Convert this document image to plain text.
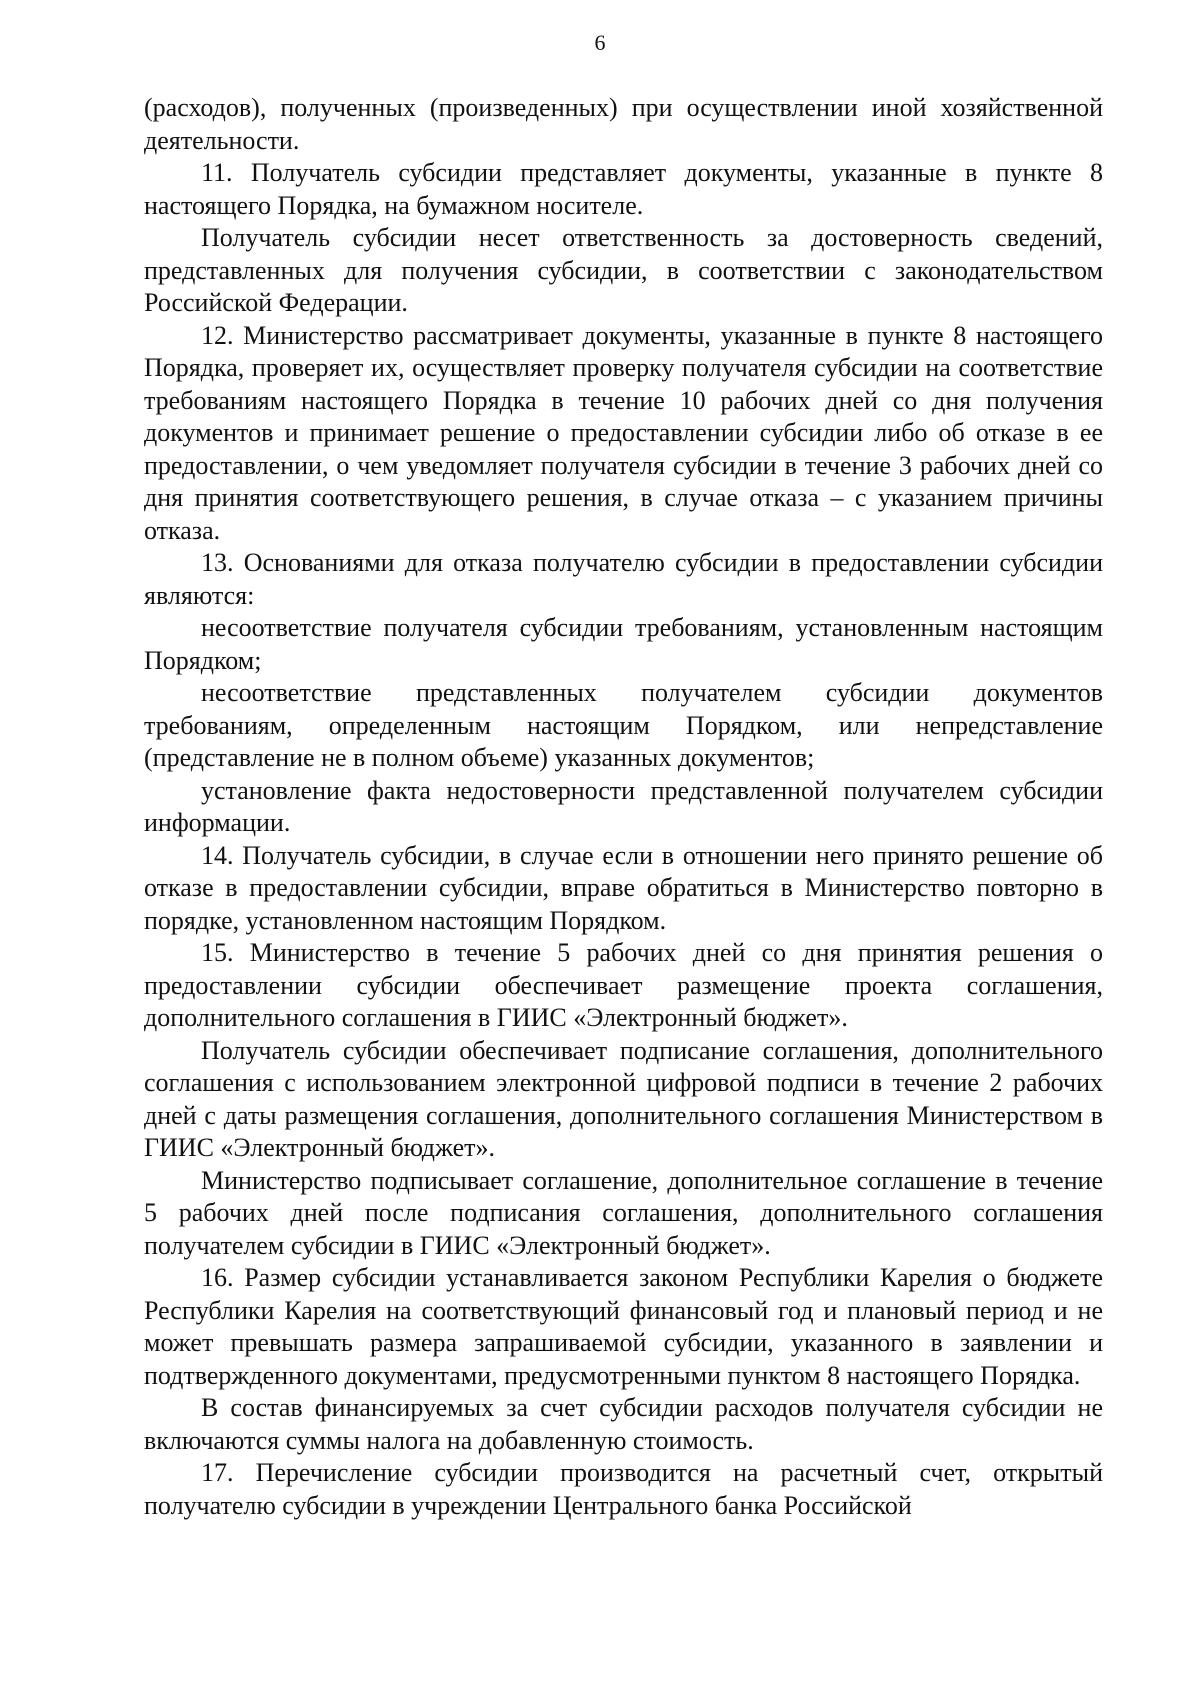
6

(расходов), полученных (произведенных) при осуществлении иной хозяйственной деятельности.

11. Получатель субсидии представляет документы, указанные в пункте 8 настоящего Порядка, на бумажном носителе.

Получатель субсидии несет ответственность за достоверность сведений, представленных для получения субсидии, в соответствии с законодательством Российской Федерации.

12. Министерство рассматривает документы, указанные в пункте 8 настоящего Порядка, проверяет их, осуществляет проверку получателя субсидии на соответствие требованиям настоящего Порядка в течение 10 рабочих дней со дня получения документов и принимает решение о предоставлении субсидии либо об отказе в ее предоставлении, о чем уведомляет получателя субсидии в течение 3 рабочих дней со дня принятия соответствующего решения, в случае отказа – с указанием причины отказа.

13. Основаниями для отказа получателю субсидии в предоставлении субсидии являются:

несоответствие получателя субсидии требованиям, установленным настоящим Порядком;

несоответствие представленных получателем субсидии документов требованиям, определенным настоящим Порядком, или непредставление (представление не в полном объеме) указанных документов;

установление факта недостоверности представленной получателем субсидии информации.

14. Получатель субсидии, в случае если в отношении него принято решение об отказе в предоставлении субсидии, вправе обратиться в Министерство повторно в порядке, установленном настоящим Порядком.

15. Министерство в течение 5 рабочих дней со дня принятия решения о предоставлении субсидии обеспечивает размещение проекта соглашения, дополнительного соглашения в ГИИС «Электронный бюджет».

Получатель субсидии обеспечивает подписание соглашения, дополнительного соглашения с использованием электронной цифровой подписи в течение 2 рабочих дней с даты размещения соглашения, дополнительного соглашения Министерством в ГИИС «Электронный бюджет».

Министерство подписывает соглашение, дополнительное соглашение в течение 5 рабочих дней после подписания соглашения, дополнительного соглашения получателем субсидии в ГИИС «Электронный бюджет».

16. Размер субсидии устанавливается законом Республики Карелия о бюджете Республики Карелия на соответствующий финансовый год и плановый период и не может превышать размера запрашиваемой субсидии, указанного в заявлении и подтвержденного документами, предусмотренными пунктом 8 настоящего Порядка.

В состав финансируемых за счет субсидии расходов получателя субсидии не включаются суммы налога на добавленную стоимость.

17. Перечисление субсидии производится на расчетный счет, открытый получателю субсидии в учреждении Центрального банка Российской
